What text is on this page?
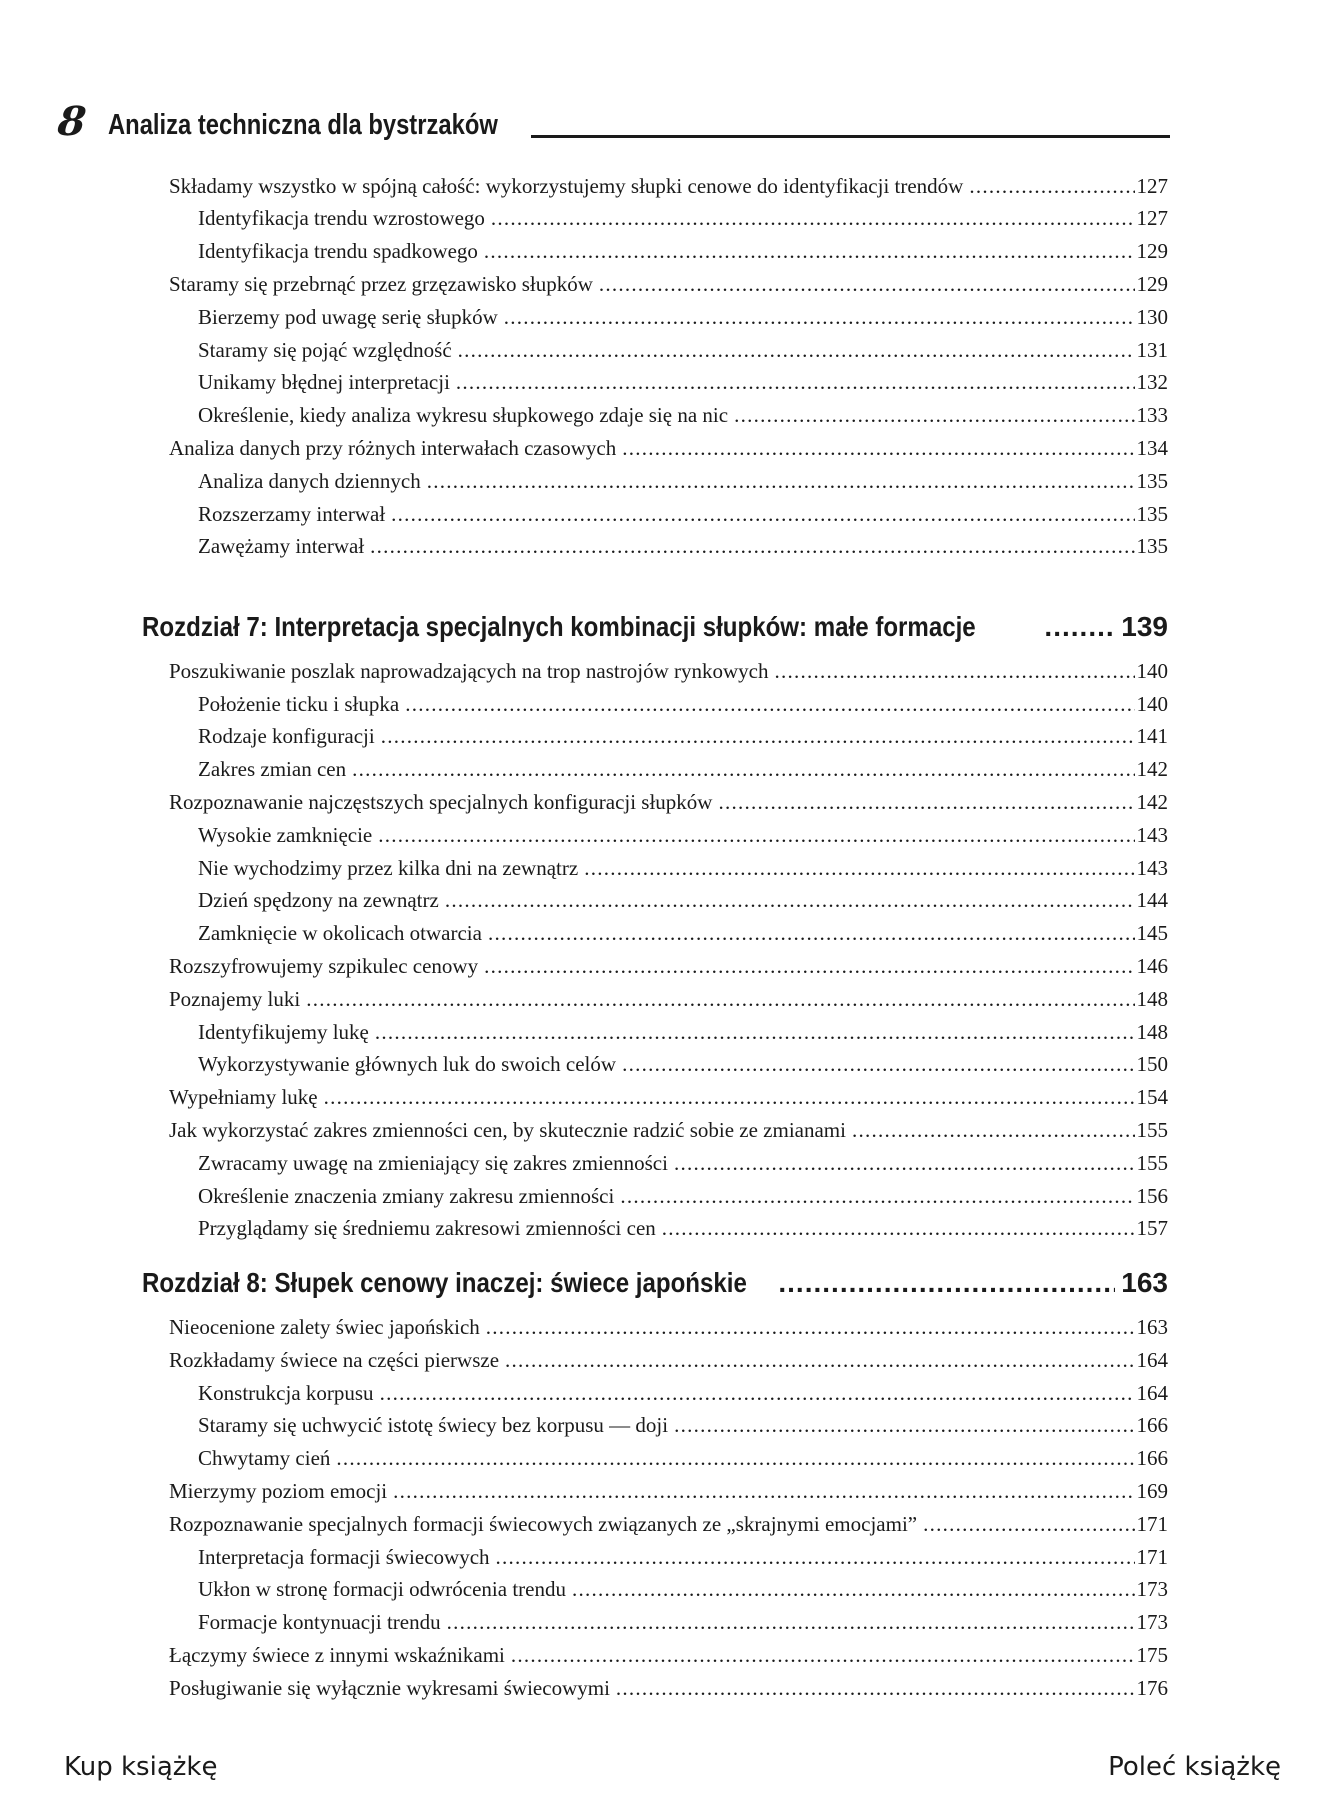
8 Analiza techniczna dla bystrzaków
Składamy wszystko w spójną całość: wykorzystujemy słupki cenowe do identyfikacji trendów . . .	127
Identyfikacja trendu wzrostowego . . .	127
Identyfikacja trendu spadkowego . . .	129
Staramy się przebrnąć przez grzęzawisko słupków . . .	129
Bierzemy pod uwagę serię słupków . . .	130
Staramy się pojąć względność . . .	131
Unikamy błędnej interpretacji . . .	132
Określenie, kiedy analiza wykresu słupkowego zdaje się na nic . . .	133
Analiza danych przy różnych interwałach czasowych . . .	134
Analiza danych dziennych . . .	135
Rozszerzamy interwał . . .	135
Zawężamy interwał . . .	135
Rozdział 7: Interpretacja specjalnych kombinacji słupków: małe formacje .....	139
Poszukiwanie poszlak naprowadzających na trop nastrojów rynkowych . . .	140
Położenie ticku i słupka . . .	140
Rodzaje konfiguracji . . .	141
Zakres zmian cen . . .	142
Rozpoznawanie najczęstszych specjalnych konfiguracji słupków . . .	142
Wysokie zamknięcie . . .	143
Nie wychodzimy przez kilka dni na zewnątrz . . .	143
Dzień spędzony na zewnątrz . . .	144
Zamknięcie w okolicach otwarcia . . .	145
Rozszyfrowujemy szpikulec cenowy . . .	146
Poznajemy luki . . .	148
Identyfikujemy lukę . . .	148
Wykorzystywanie głównych luk do swoich celów . . .	150
Wypełniamy lukę . . .	154
Jak wykorzystać zakres zmienności cen, by skutecznie radzić sobie ze zmianami . . .	155
Zwracamy uwagę na zmieniający się zakres zmienności . . .	155
Określenie znaczenia zmiany zakresu zmienności . . .	156
Przyglądamy się średniemu zakresowi zmienności cen . . .	157
Rozdział 8: Słupek cenowy inaczej: świece japońskie .....	163
Nieocenione zalety świec japońskich . . .	163
Rozkładamy świece na części pierwsze . . .	164
Konstrukcja korpusu . . .	164
Staramy się uchwycić istotę świecy bez korpusu — doji . . .	166
Chwytamy cień . . .	166
Mierzymy poziom emocji . . .	169
Rozpoznawanie specjalnych formacji świecowych związanych ze „skrajnymi emocjami” . . .	171
Interpretacja formacji świecowych . . .	171
Ukłon w stronę formacji odwrócenia trendu . . .	173
Formacje kontynuacji trendu . . .	173
Łączymy świece z innymi wskaźnikami . . .	175
Posługiwanie się wyłącznie wykresami świecowymi . . .	176
Kup książkę	Poleć książkę
